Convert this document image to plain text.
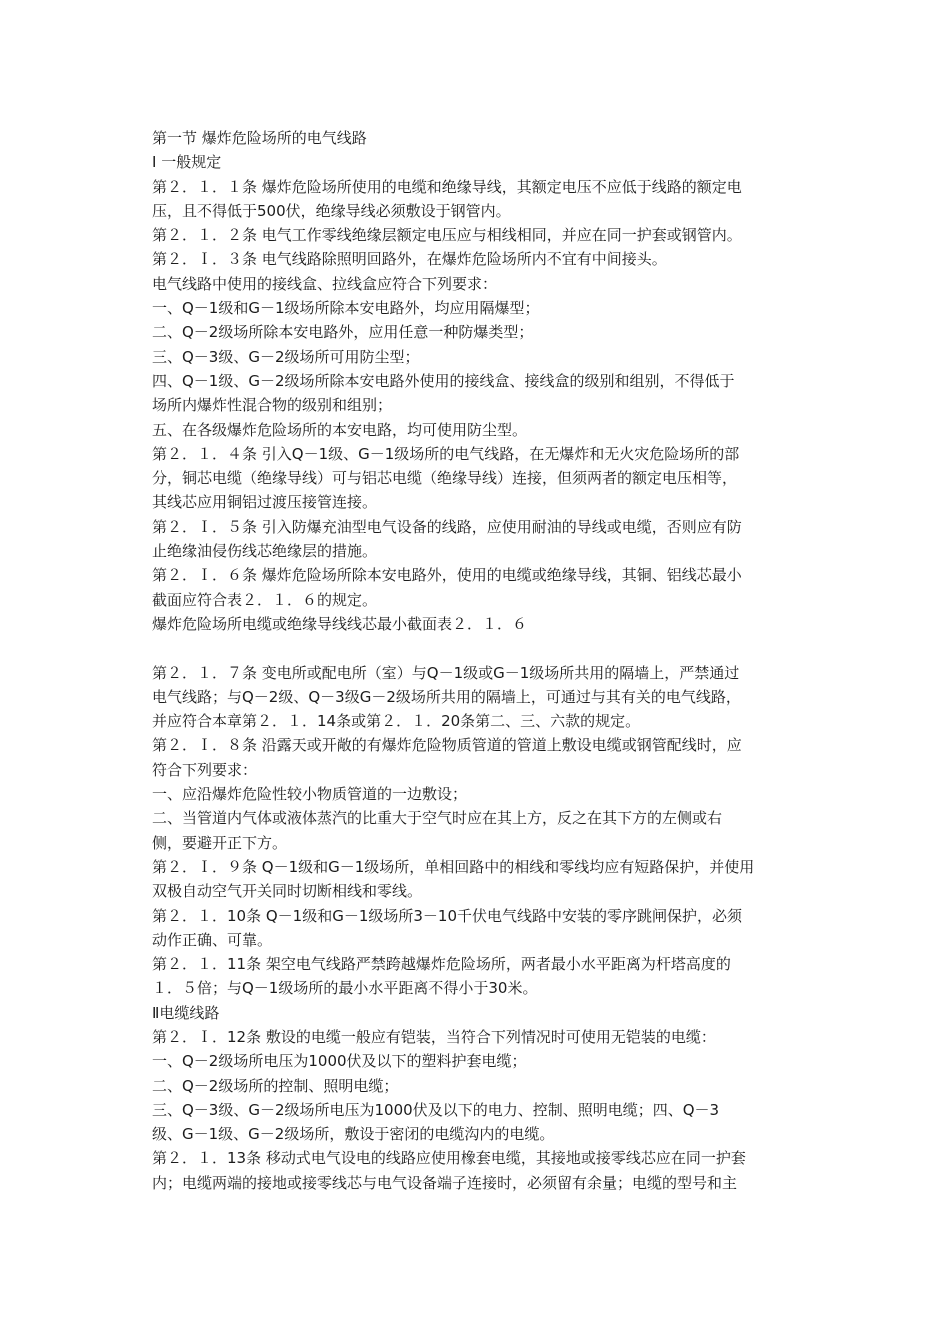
第一节 爆炸危险场所的电气线路
Ⅰ 一般规定
第２．１．１条 爆炸危险场所使用的电缆和绝缘导线，其额定电压不应低于线路的额定电
压，且不得低于500伏，绝缘导线必须敷设于钢管内。
第２．１．２条 电气工作零线绝缘层额定电压应与相线相同，并应在同一护套或钢管内。
第２．Ｉ．３条 电气线路除照明回路外，在爆炸危险场所内不宜有中间接头。
电气线路中使用的接线盒、拉线盒应符合下列要求：
一、Q－1级和G－1级场所除本安电路外，均应用隔爆型；
二、Q－2级场所除本安电路外，应用任意一种防爆类型；
三、Q－3级、G－2级场所可用防尘型；
四、Q－1级、G－2级场所除本安电路外使用的接线盒、接线盒的级别和组别，不得低于
场所内爆炸性混合物的级别和组别；
五、在各级爆炸危险场所的本安电路，均可使用防尘型。
第２．１．４条 引入Q－1级、G－1级场所的电气线路，在无爆炸和无火灾危险场所的部
分，铜芯电缆（绝缘导线）可与铝芯电缆（绝缘导线）连接，但须两者的额定电压相等，
其线芯应用铜铝过渡压接管连接。
第２．Ｉ．５条 引入防爆充油型电气设备的线路，应使用耐油的导线或电缆，否则应有防
止绝缘油侵伤线芯绝缘层的措施。
第２．Ｉ．６条 爆炸危险场所除本安电路外，使用的电缆或绝缘导线，其铜、铝线芯最小
截面应符合表２．１．６的规定。
爆炸危险场所电缆或绝缘导线线芯最小截面表２．１．６
第２．１．７条 变电所或配电所（室）与Q－1级或G－1级场所共用的隔墙上，严禁通过
电气线路；与Q－2级、Q－3级G－2级场所共用的隔墙上，可通过与其有关的电气线路，
并应符合本章第２．１．14条或第２．１．20条第二、三、六款的规定。
第２．Ｉ．８条 沿露天或开敞的有爆炸危险物质管道的管道上敷设电缆或钢管配线时，应
符合下列要求：
一、应沿爆炸危险性较小物质管道的一边敷设；
二、当管道内气体或液体蒸汽的比重大于空气时应在其上方，反之在其下方的左侧或右
侧，要避开正下方。
第２．Ｉ．９条 Q－1级和G－1级场所，单相回路中的相线和零线均应有短路保护，并使用
双极自动空气开关同时切断相线和零线。
第２．１．10条 Q－1级和G－1级场所3－10千伏电气线路中安装的零序跳闸保护，必须
动作正确、可靠。
第２．１．11条 架空电气线路严禁跨越爆炸危险场所，两者最小水平距离为杆塔高度的
１．５倍；与Q－1级场所的最小水平距离不得小于30米。
Ⅱ电缆线路
第２．Ｉ．12条 敷设的电缆一般应有铠装，当符合下列情况时可使用无铠装的电缆：
一、Q－2级场所电压为1000伏及以下的塑料护套电缆；
二、Q－2级场所的控制、照明电缆；
三、Q－3级、G－2级场所电压为1000伏及以下的电力、控制、照明电缆；四、Q－3
级、G－1级、G－2级场所，敷设于密闭的电缆沟内的电缆。
第２．１．13条 移动式电气设电的线路应使用橡套电缆，其接地或接零线芯应在同一护套
内；电缆两端的接地或接零线芯与电气设备端子连接时，必须留有余量；电缆的型号和主
